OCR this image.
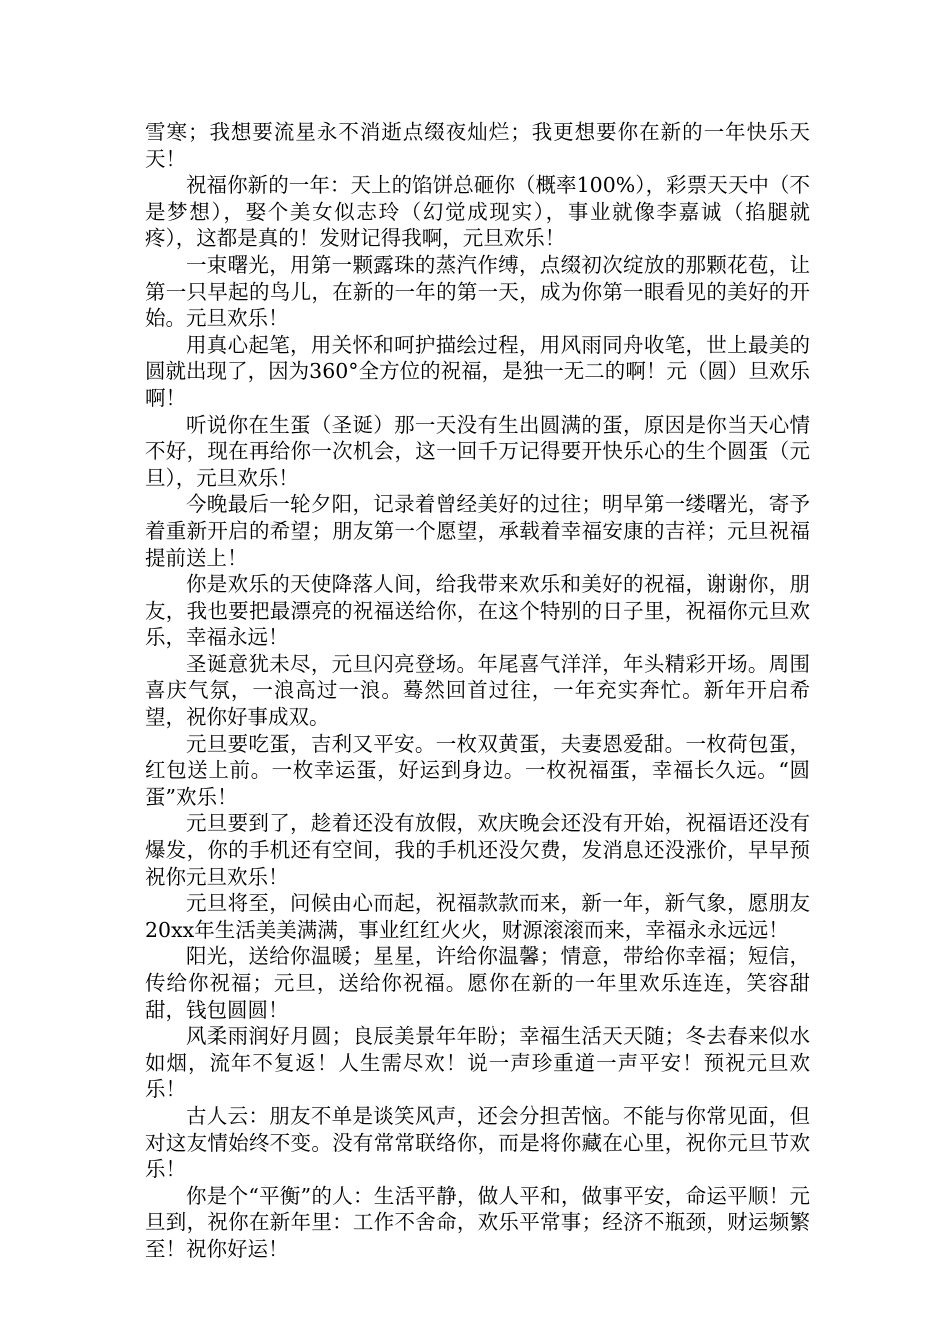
雪寒；我想要流星永不消逝点缀夜灿烂；我更想要你在新的一年快乐天天！

祝福你新的一年：天上的馅饼总砸你（概率100%），彩票天天中（不是梦想），娶个美女似志玲（幻觉成现实），事业就像李嘉诚（掐腿就疼），这都是真的！发财记得我啊，元旦欢乐！

一束曙光，用第一颗露珠的蒸汽作缚，点缀初次绽放的那颗花苞，让第一只早起的鸟儿，在新的一年的第一天，成为你第一眼看见的美好的开始。元旦欢乐！

用真心起笔，用关怀和呵护描绘过程，用风雨同舟收笔，世上最美的圆就出现了，因为360°全方位的祝福，是独一无二的啊！元（圆）旦欢乐啊！

听说你在生蛋（圣诞）那一天没有生出圆满的蛋，原因是你当天心情不好，现在再给你一次机会，这一回千万记得要开快乐心的生个圆蛋（元旦），元旦欢乐！

今晚最后一轮夕阳，记录着曾经美好的过往；明早第一缕曙光，寄予着重新开启的希望；朋友第一个愿望，承载着幸福安康的吉祥；元旦祝福提前送上！

你是欢乐的天使降落人间，给我带来欢乐和美好的祝福，谢谢你，朋友，我也要把最漂亮的祝福送给你，在这个特别的日子里，祝福你元旦欢乐，幸福永远！

圣诞意犹未尽，元旦闪亮登场。年尾喜气洋洋，年头精彩开场。周围喜庆气氛，一浪高过一浪。蓦然回首过往，一年充实奔忙。新年开启希望，祝你好事成双。

元旦要吃蛋，吉利又平安。一枚双黄蛋，夫妻恩爱甜。一枚荷包蛋，红包送上前。一枚幸运蛋，好运到身边。一枚祝福蛋，幸福长久远。“圆蛋”欢乐！

元旦要到了，趁着还没有放假，欢庆晚会还没有开始，祝福语还没有爆发，你的手机还有空间，我的手机还没欠费，发消息还没涨价，早早预祝你元旦欢乐！

元旦将至，问候由心而起，祝福款款而来，新一年，新气象，愿朋友20xx年生活美美满满，事业红红火火，财源滚滚而来，幸福永永远远！

阳光，送给你温暖；星星，许给你温馨；情意，带给你幸福；短信，传给你祝福；元旦，送给你祝福。愿你在新的一年里欢乐连连，笑容甜甜，钱包圆圆！

风柔雨润好月圆；良辰美景年年盼；幸福生活天天随；冬去春来似水如烟，流年不复返！人生需尽欢！说一声珍重道一声平安！预祝元旦欢乐！

古人云：朋友不单是谈笑风声，还会分担苦恼。不能与你常见面，但对这友情始终不变。没有常常联络你，而是将你藏在心里，祝你元旦节欢乐！

你是个“平衡”的人：生活平静，做人平和，做事平安，命运平顺！元旦到，祝你在新年里：工作不舍命，欢乐平常事；经济不瓶颈，财运频繁至！祝你好运！
